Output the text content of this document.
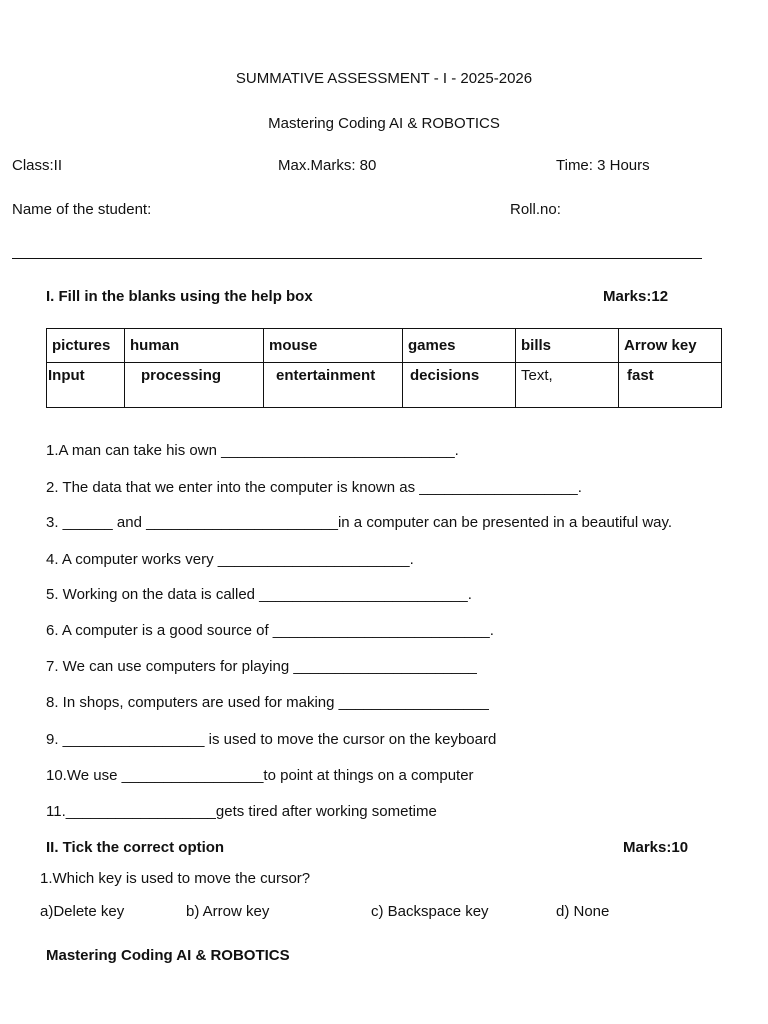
SUMMATIVE ASSESSMENT - I - 2025-2026
Mastering Coding AI & ROBOTICS
Class:II	Max.Marks: 80	Time: 3 Hours
Name of the student:	Roll.no:
I. Fill in the blanks using the help box	Marks:12
pictures	human	mouse	games	bills	Arrow key
Input	processing	entertainment	decisions	Text,	fast
1.A man can take his own ____________________________.
2. The data that we enter into the computer is known as ___________________.
3. ______ and _______________________in a computer can be presented in a beautiful way.
4. A computer works very _______________________.
5. Working on the data is called _________________________.
6. A computer is a good source of __________________________.
7. We can use computers for playing ______________________
8. In shops, computers are used for making __________________
9. _________________ is used to move the cursor on the keyboard
10.We use _________________to point at things on a computer
11.__________________gets tired after working sometime
II. Tick the correct option	Marks:10
1.Which key is used to move the cursor?
a)Delete key	b) Arrow key	c) Backspace key	d) None
Mastering Coding AI & ROBOTICS
